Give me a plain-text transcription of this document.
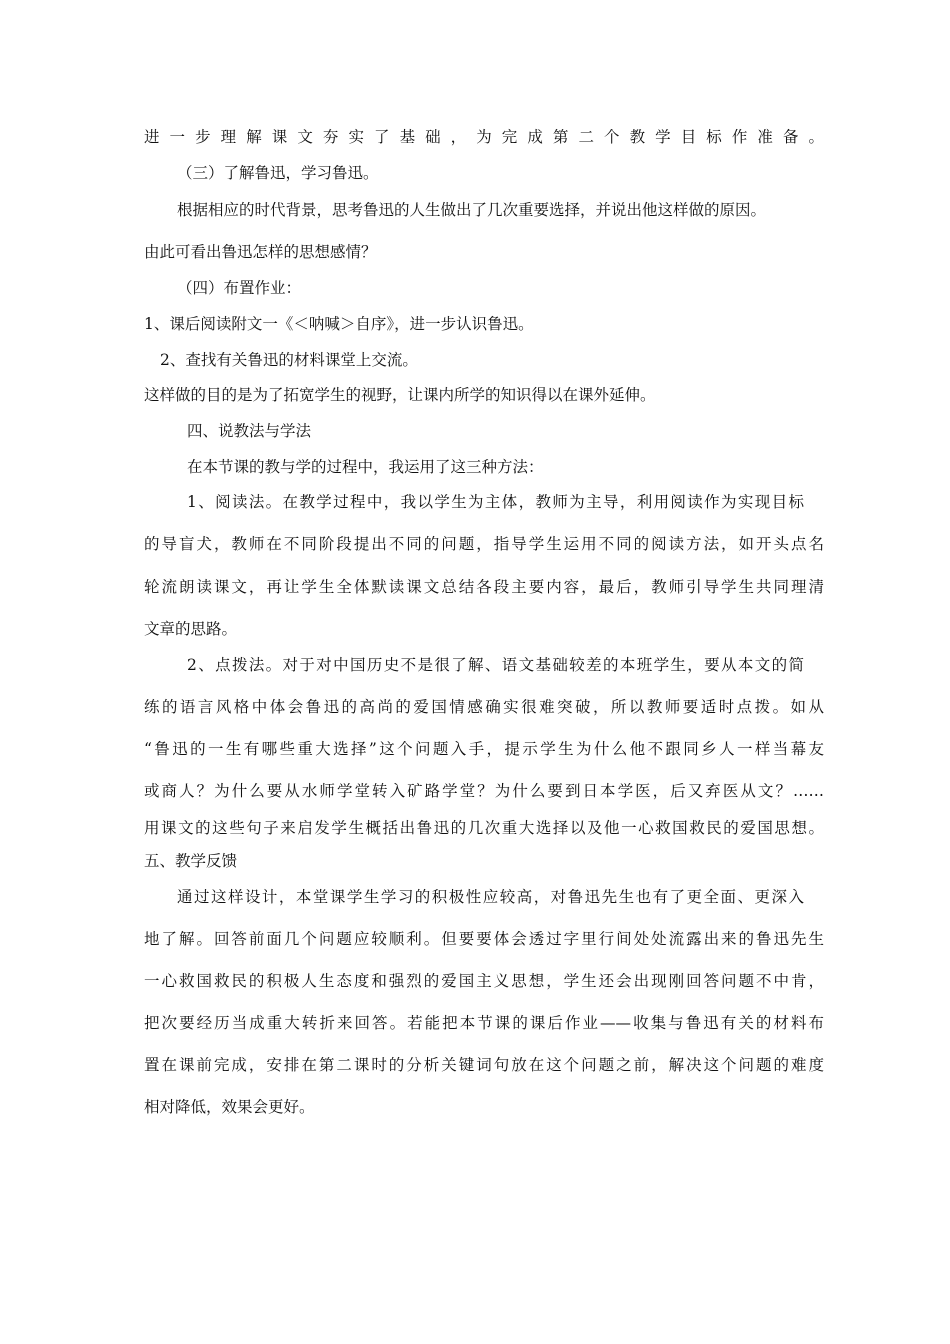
进一步理解课文夯实了基础，为完成第二个教学目标作准备。
（三）了解鲁迅，学习鲁迅。
根据相应的时代背景，思考鲁迅的人生做出了几次重要选择，并说出他这样做的原因。
由此可看出鲁迅怎样的思想感情？
（四）布置作业：
1、课后阅读附文一《＜呐喊＞自序》，进一步认识鲁迅。
2、查找有关鲁迅的材料课堂上交流。
这样做的目的是为了拓宽学生的视野，让课内所学的知识得以在课外延伸。
四、说教法与学法
在本节课的教与学的过程中，我运用了这三种方法：
1、阅读法。在教学过程中，我以学生为主体，教师为主导，利用阅读作为实现目标
的导盲犬，教师在不同阶段提出不同的问题，指导学生运用不同的阅读方法，如开头点名
轮流朗读课文，再让学生全体默读课文总结各段主要内容，最后，教师引导学生共同理清
文章的思路。
2、点拨法。对于对中国历史不是很了解、语文基础较差的本班学生，要从本文的简
练的语言风格中体会鲁迅的高尚的爱国情感确实很难突破，所以教师要适时点拨。如从
“鲁迅的一生有哪些重大选择”这个问题入手，提示学生为什么他不跟同乡人一样当幕友
或商人？为什么要从水师学堂转入矿路学堂？为什么要到日本学医，后又弃医从文？……
用课文的这些句子来启发学生概括出鲁迅的几次重大选择以及他一心救国救民的爱国思想。
五、教学反馈
通过这样设计，本堂课学生学习的积极性应较高，对鲁迅先生也有了更全面、更深入
地了解。回答前面几个问题应较顺利。但要要体会透过字里行间处处流露出来的鲁迅先生
一心救国救民的积极人生态度和强烈的爱国主义思想，学生还会出现刚回答问题不中肯，
把次要经历当成重大转折来回答。若能把本节课的课后作业——收集与鲁迅有关的材料布
置在课前完成，安排在第二课时的分析关键词句放在这个问题之前，解决这个问题的难度
相对降低，效果会更好。
